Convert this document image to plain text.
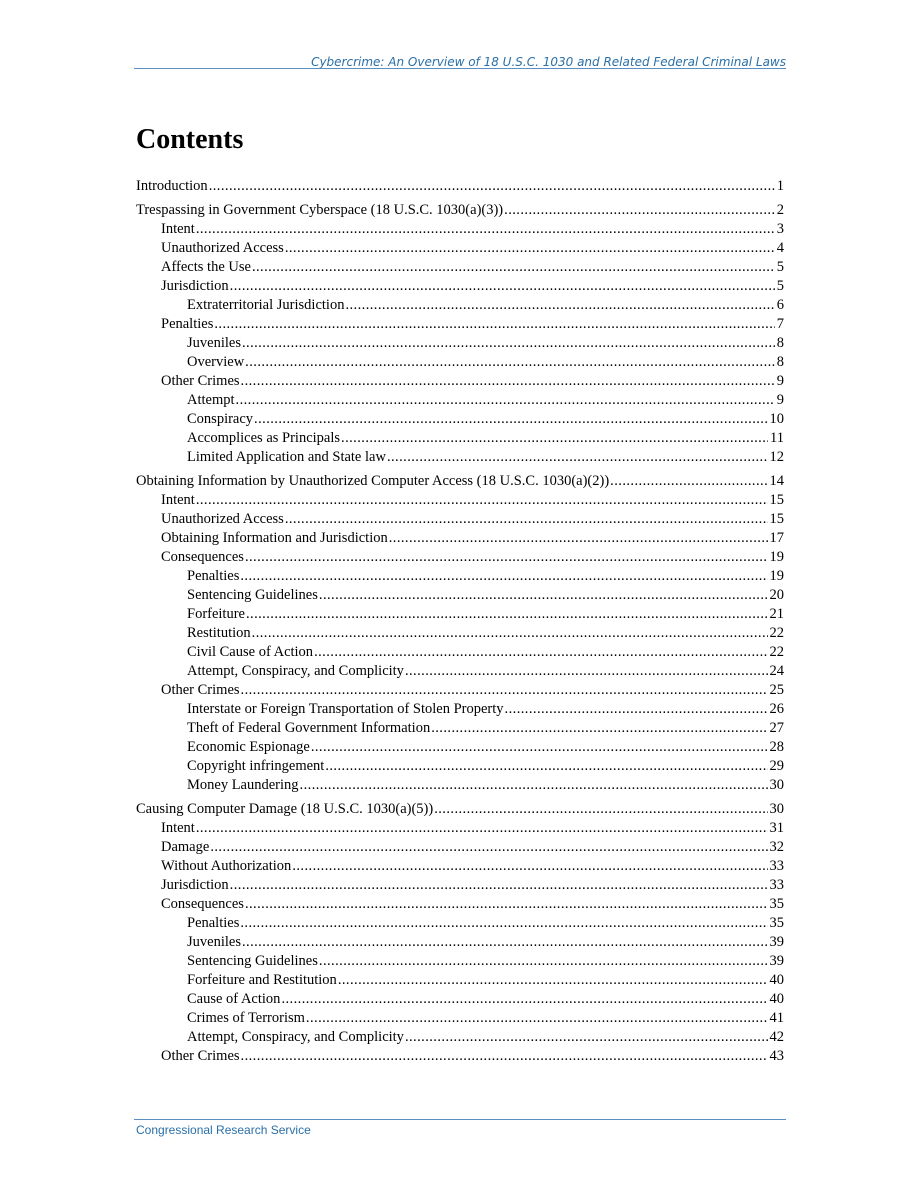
Cybercrime: An Overview of 18 U.S.C. 1030 and Related Federal Criminal Laws
Contents
Introduction . . .	1
Trespassing in Government Cyberspace (18 U.S.C. 1030(a)(3)) . . .	2
Intent . . .	3
Unauthorized Access . . .	4
Affects the Use . . .	5
Jurisdiction . . .	5
Extraterritorial Jurisdiction . . .	6
Penalties . . .	7
Juveniles . . .	8
Overview . . .	8
Other Crimes . . .	9
Attempt . . .	9
Conspiracy . . .	10
Accomplices as Principals . . .	11
Limited Application and State law . . .	12
Obtaining Information by Unauthorized Computer Access (18 U.S.C. 1030(a)(2)) . . .	14
Intent . . .	15
Unauthorized Access . . .	15
Obtaining Information and Jurisdiction . . .	17
Consequences . . .	19
Penalties . . .	19
Sentencing Guidelines . . .	20
Forfeiture . . .	21
Restitution . . .	22
Civil Cause of Action . . .	22
Attempt, Conspiracy, and Complicity . . .	24
Other Crimes . . .	25
Interstate or Foreign Transportation of Stolen Property . . .	26
Theft of Federal Government Information . . .	27
Economic Espionage . . .	28
Copyright infringement . . .	29
Money Laundering . . .	30
Causing Computer Damage (18 U.S.C. 1030(a)(5)) . . .	30
Intent . . .	31
Damage . . .	32
Without Authorization . . .	33
Jurisdiction . . .	33
Consequences . . .	35
Penalties . . .	35
Juveniles . . .	39
Sentencing Guidelines . . .	39
Forfeiture and Restitution . . .	40
Cause of Action . . .	40
Crimes of Terrorism . . .	41
Attempt, Conspiracy, and Complicity . . .	42
Other Crimes . . .	43
Congressional Research Service
